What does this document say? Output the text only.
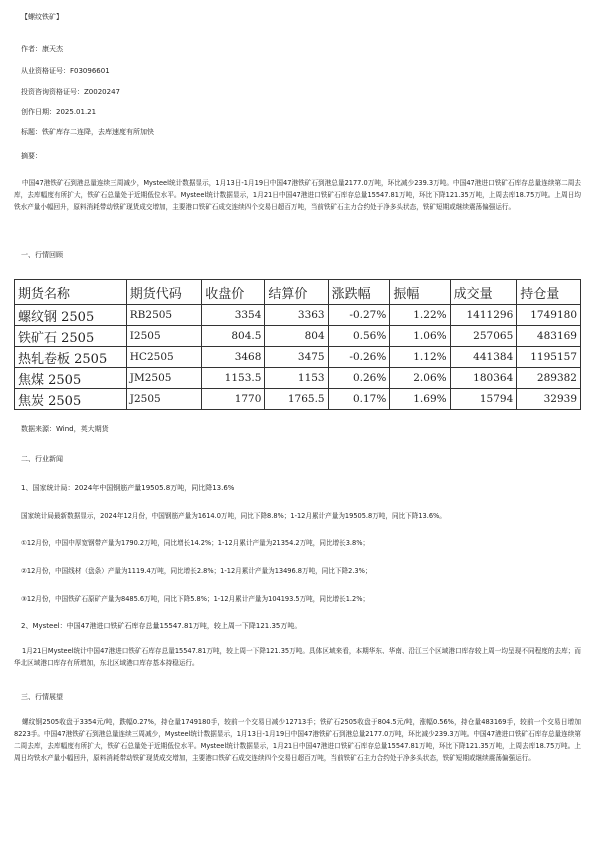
【螺纹铁矿】
作者：康天杰
从业资格证号：F03096601
投资咨询资格证号：Z0020247
创作日期：2025.01.21
标题：铁矿库存二连降，去库速度有所加快
摘要：

中国47港铁矿石到港总量连续三周减少，Mysteel统计数据显示，1月13日-1月19日中国47港铁矿石到港总量2177.0万吨，环比减少239.3万吨。中国47港进口铁矿石库存总量连续第二周去库，去库幅度有所扩大，铁矿石总量处于近期低位水平。Mysteel统计数据显示，1月21日中国47港进口铁矿石库存总量15547.81万吨，环比下降121.35万吨，上周去库18.75万吨。上周日均铁水产量小幅回升，原料消耗带动铁矿现货成交增加，主要港口铁矿石成交连续四个交易日超百万吨，当前铁矿石主力合约处于净多头状态，铁矿短期或继续震荡偏强运行。

一、行情回顾
期货名称	期货代码	收盘价	结算价	涨跌幅	振幅	成交量	持仓量
螺纹钢 2505	RB2505	3354	3363	-0.27%	1.22%	1411296	1749180
铁矿石 2505	I2505	804.5	804	0.56%	1.06%	257065	483169
热轧卷板 2505	HC2505	3468	3475	-0.26%	1.12%	441384	1195157
焦煤 2505	JM2505	1153.5	1153	0.26%	2.06%	180364	289382
焦炭 2505	J2505	1770	1765.5	0.17%	1.69%	15794	32939
数据来源：Wind，英大期货
二、行业新闻
1、国家统计局：2024年中国钢筋产量19505.8万吨，同比降13.6%
国家统计局最新数据显示，2024年12月份，中国钢筋产量为1614.0万吨，同比下降8.8%；1-12月累计产量为19505.8万吨，同比下降13.6%。
①12月份，中国中厚宽钢带产量为1790.2万吨，同比增长14.2%；1-12月累计产量为21354.2万吨，同比增长3.8%；
②12月份，中国线材（盘条）产量为1119.4万吨，同比增长2.8%；1-12月累计产量为13496.8万吨，同比下降2.3%；
③12月份，中国铁矿石原矿产量为8485.6万吨，同比下降5.8%；1-12月累计产量为104193.5万吨，同比增长1.2%；
2、Mysteel：中国47港进口铁矿石库存总量15547.81万吨，较上周一下降121.35万吨。

1月21日Mysteel统计中国47港进口铁矿石库存总量15547.81万吨，较上周一下降121.35万吨。具体区域来看，本期华东、华南、沿江三个区域港口库存较上周一均呈现不同程度的去库；而华北区域港口库存有所增加，东北区域港口库存基本持稳运行。

三、行情展望

螺纹钢2505收盘于3354元/吨，跌幅0.27%，持仓量1749180手，较前一个交易日减少12713手；铁矿石2505收盘于804.5元/吨，涨幅0.56%，持仓量483169手，较前一个交易日增加8223手。中国47港铁矿石到港总量连续三周减少，Mysteel统计数据显示，1月13日-1月19日中国47港铁矿石到港总量2177.0万吨，环比减少239.3万吨。中国47港进口铁矿石库存总量连续第二周去库，去库幅度有所扩大，铁矿石总量处于近期低位水平。Mysteel统计数据显示，1月21日中国47港进口铁矿石库存总量15547.81万吨，环比下降121.35万吨，上周去库18.75万吨。上周日均铁水产量小幅回升，原料消耗带动铁矿现货成交增加，主要港口铁矿石成交连续四个交易日超百万吨，当前铁矿石主力合约处于净多头状态，铁矿短期或继续震荡偏强运行。
